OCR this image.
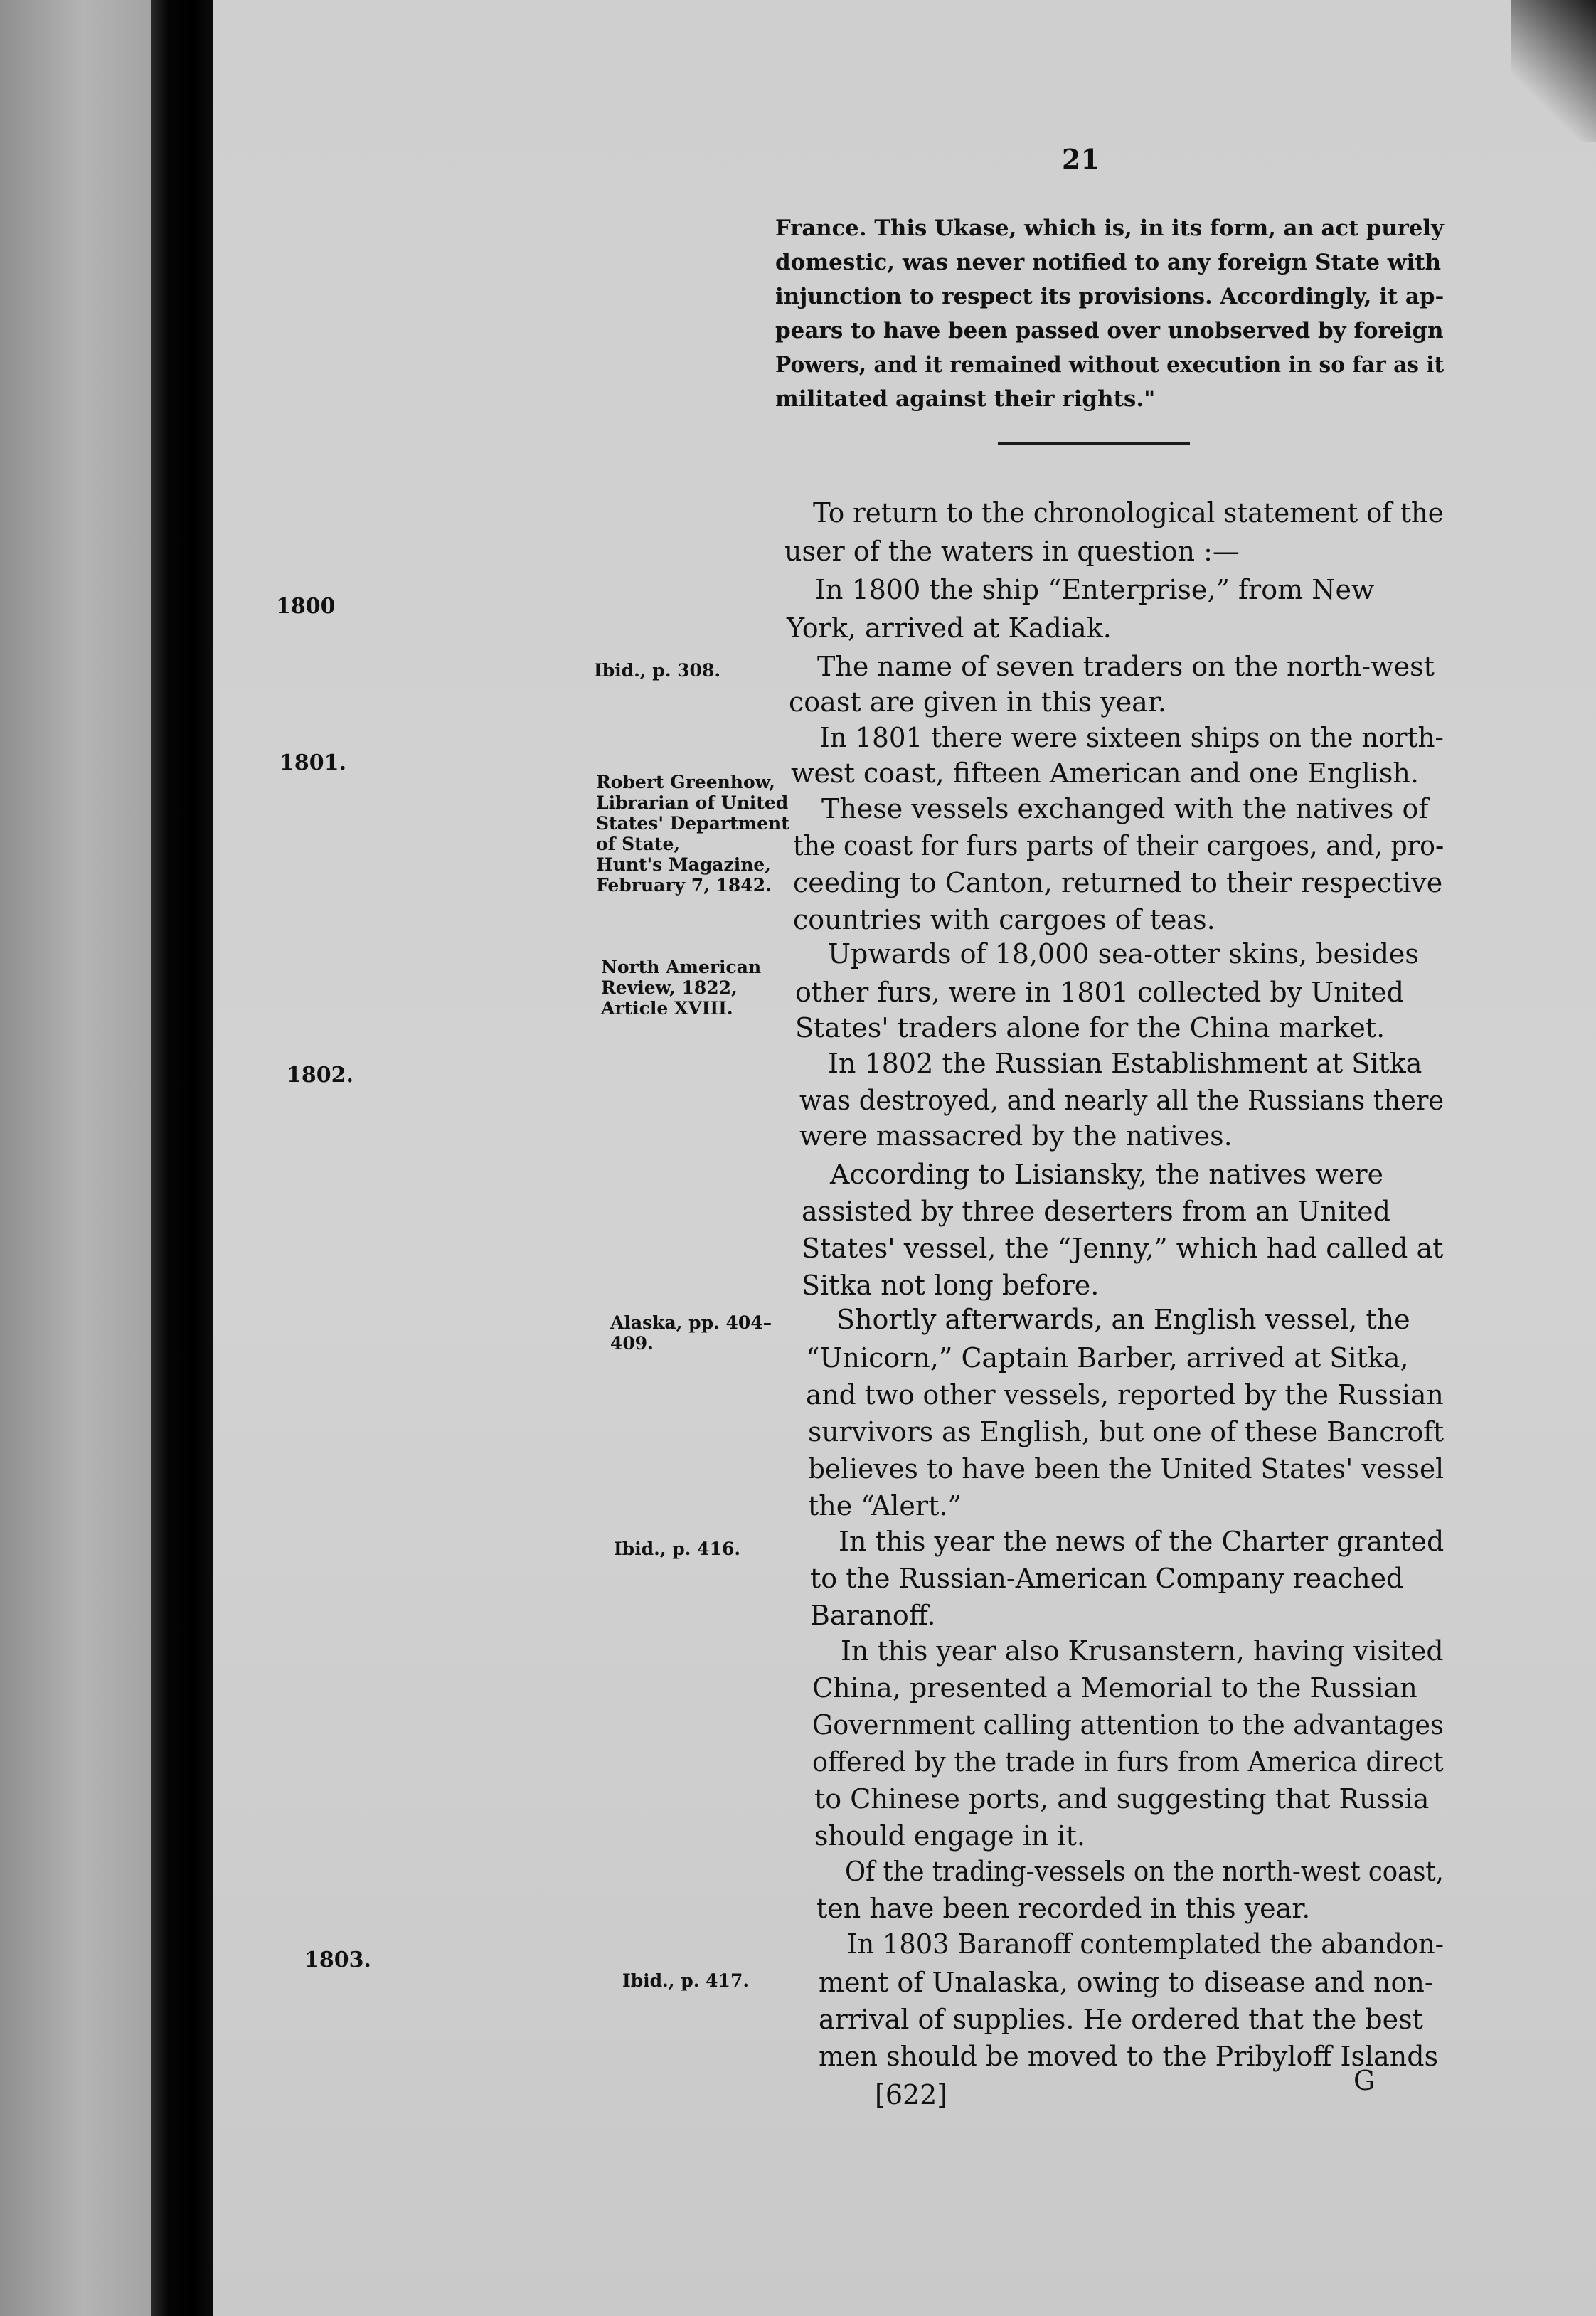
21
France. This Ukase, which is, in its form, an act purely
domestic, was never notified to any foreign State with
injunction to respect its provisions. Accordingly, it ap-
pears to have been passed over unobserved by foreign
Powers, and it remained without execution in so far as it
militated against their rights."
1800
1801.
1802.
1803.
Ibid., p. 308.
Robert Greenhow,
Librarian of United
States' Department
of State,
Hunt's Magazine,
February 7, 1842.
North American
Review, 1822,
Article XVIII.
Alaska, pp. 404–
409.
Ibid., p. 416.
Ibid., p. 417.
To return to the chronological statement of the
user of the waters in question :—
In 1800 the ship “Enterprise,” from New
York, arrived at Kadiak.
The name of seven traders on the north-west
coast are given in this year.
In 1801 there were sixteen ships on the north-
west coast, fifteen American and one English.
These vessels exchanged with the natives of
the coast for furs parts of their cargoes, and, pro-
ceeding to Canton, returned to their respective
countries with cargoes of teas.
Upwards of 18,000 sea-otter skins, besides
other furs, were in 1801 collected by United
States' traders alone for the China market.
In 1802 the Russian Establishment at Sitka
was destroyed, and nearly all the Russians there
were massacred by the natives.
According to Lisiansky, the natives were
assisted by three deserters from an United
States' vessel, the “Jenny,” which had called at
Sitka not long before.
Shortly afterwards, an English vessel, the
“Unicorn,” Captain Barber, arrived at Sitka,
and two other vessels, reported by the Russian
survivors as English, but one of these Bancroft
believes to have been the United States' vessel
the “Alert.”
In this year the news of the Charter granted
to the Russian-American Company reached
Baranoff.
In this year also Krusanstern, having visited
China, presented a Memorial to the Russian
Government calling attention to the advantages
offered by the trade in furs from America direct
to Chinese ports, and suggesting that Russia
should engage in it.
Of the trading-vessels on the north-west coast,
ten have been recorded in this year.
In 1803 Baranoff contemplated the abandon-
ment of Unalaska, owing to disease and non-
arrival of supplies. He ordered that the best
men should be moved to the Pribyloff Islands
[622]	G
